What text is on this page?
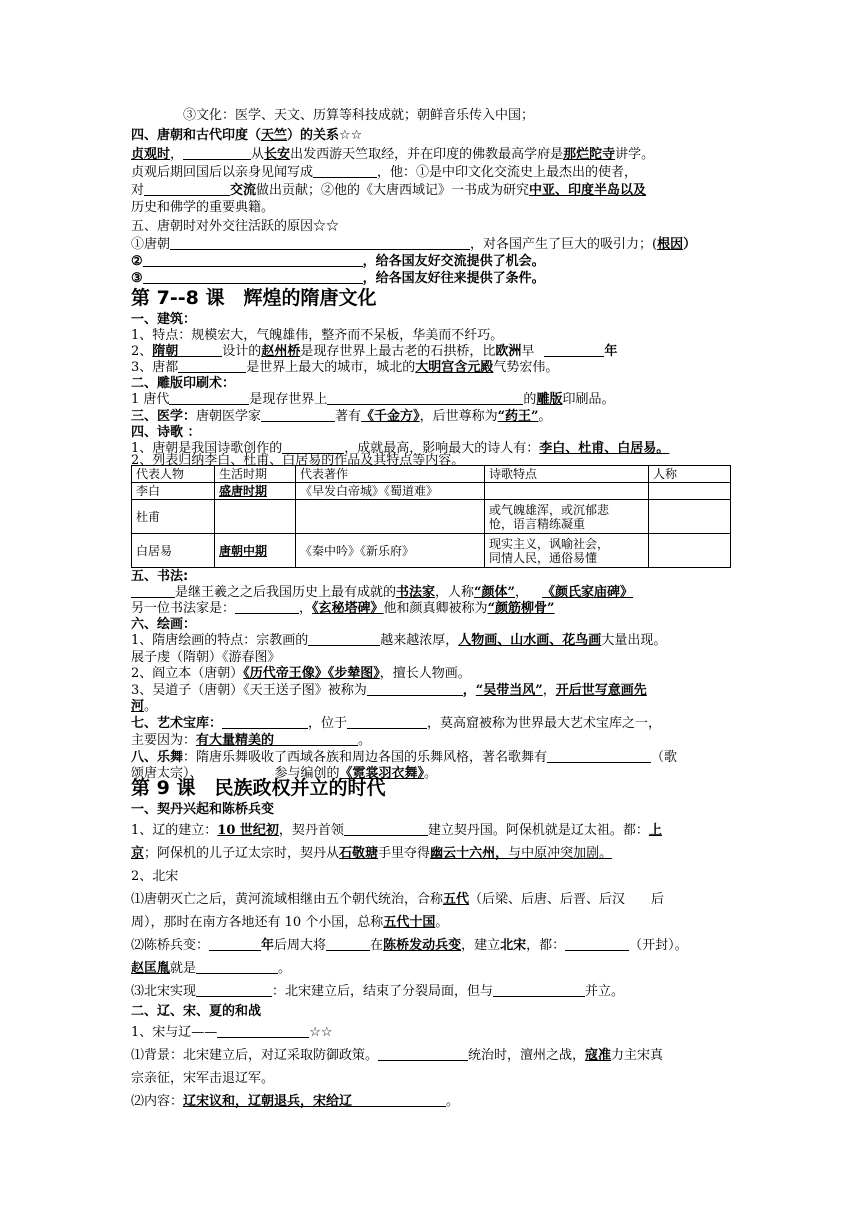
③文化：医学、天文、历算等科技成就；朝鲜音乐传入中国；
四、唐朝和古代印度（天竺）的关系☆☆
贞观时，	从长安出发西游天竺取经，并在印度的佛教最高学府是那烂陀寺讲学。
贞观后期回国后以亲身见闻写成	，他：①是中印文化交流史上最杰出的使者，
对	交流做出贡献；②他的《大唐西域记》一书成为研究中亚、印度半岛以及
历史和佛学的重要典籍。
五、唐朝时对外交往活跃的原因☆☆
①唐朝	，对各国产生了巨大的吸引力；(根因）
②	，给各国友好交流提供了机会。
③	，给各国友好往来提供了条件。
第 7--8 课　辉煌的隋唐文化
一、建筑：
1、特点：规模宏大，气魄雄伟，整齐而不呆板，华美而不纤巧。
2、隋朝	设计的赵州桥是现存世界上最古老的石拱桥，比欧洲早	年
3、唐都	是世界上最大的城市，城北的大明宫含元殿气势宏伟。
二、雕版印刷术：
1 唐代	是现存世界上	的雕版印刷品。
三、医学：唐朝医学家	著有《千金方》，后世尊称为“药王”。
四、诗歌 ：
1、唐朝是我国诗歌创作的	，成就最高，影响最大的诗人有：李白、杜甫、白居易。
2、列表归纳李白、杜甫、白居易的作品及其特点等内容。
代表人物	生活时期	代表著作	诗歌特点	人称
李白	盛唐时期	《早发白帝城》《蜀道难》		
杜甫			或气魄雄浑，或沉郁悲
怆，语言精练凝重	

白居易	唐朝中期	《秦中吟》《新乐府》	现实主义，讽喻社会，
同情人民，通俗易懂	

五、书法:
是继王羲之之后我国历史上最有成就的书法家，人称“颜体”， 《颜氏家庙碑》
另一位书法家是：	，《玄秘塔碑》他和颜真卿被称为“颜筋柳骨”
六、绘画：
1、隋唐绘画的特点：宗教画的	越来越浓厚，人物画、山水画、花鸟画大量出现。
展子虔（隋朝）《游春图》
2、阎立本（唐朝）《历代帝王像》《步辇图》，擅长人物画。
3、吴道子（唐朝）《天王送子图》被称为	，“吴带当风”，开后世写意画先
河。
七、艺术宝库：	，位于	，莫高窟被称为世界最大艺术宝库之一，
主要因为：有大量精美的	。
八、乐舞：隋唐乐舞吸收了西域各族和周边各国的乐舞风格，著名歌舞有	（歌
颂唐太宗）、	参与编创的《霓裳羽衣舞》。
第 9 课　民族政权并立的时代
一、契丹兴起和陈桥兵变
1、辽的建立：10 世纪初，契丹首领	建立契丹国。阿保机就是辽太祖。都：上
京；阿保机的儿子辽太宗时，契丹从石敬瑭手里夺得幽云十六州，与中原冲突加剧。
2、北宋
⑴唐朝灭亡之后，黄河流域相继由五个朝代统治，合称五代（后梁、后唐、后晋、后汉　　后
周），那时在南方各地还有 10 个小国，总称五代十国。
⑵陈桥兵变：	年后周大将	在陈桥发动兵变，建立北宋，都：	（开封）。
赵匡胤就是	。
⑶北宋实现	：北宋建立后，结束了分裂局面，但与	并立。
二、辽、宋、夏的和战
1、宋与辽——	☆☆
⑴背景：北宋建立后，对辽采取防御政策。	统治时，澶州之战，寇准力主宋真
宗亲征，宋军击退辽军。
⑵内容：辽宋议和，辽朝退兵，宋给辽	。
